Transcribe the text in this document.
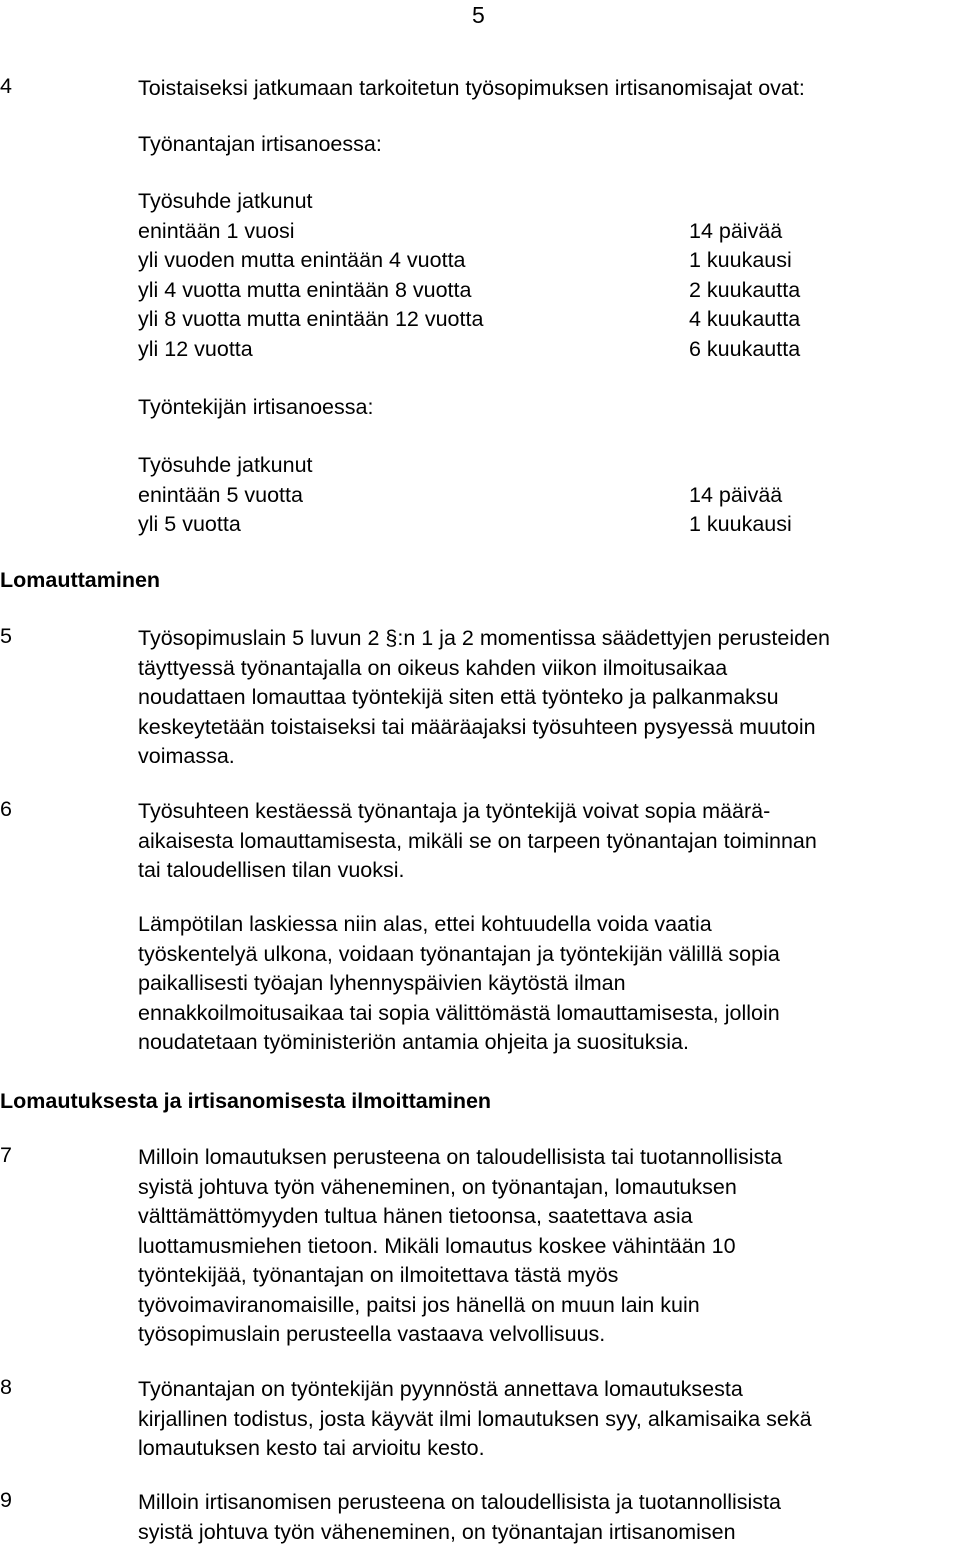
5
4	Toistaiseksi jatkumaan tarkoitetun työsopimuksen irtisanomisajat ovat:
Työnantajan irtisanoessa:
Työsuhde jatkunut
enintään 1 vuosi	14 päivää
yli vuoden mutta enintään 4 vuotta	1 kuukausi
yli 4 vuotta mutta enintään 8 vuotta	2 kuukautta
yli 8 vuotta mutta enintään 12 vuotta	4 kuukautta
yli 12 vuotta	6 kuukautta
Työntekijän irtisanoessa:
Työsuhde jatkunut
enintään 5 vuotta	14 päivää
yli 5 vuotta	1 kuukausi
Lomauttaminen
5	Työsopimuslain 5 luvun 2 §:n 1 ja 2 momentissa säädettyjen perusteiden
täyttyessä työnantajalla on oikeus kahden viikon ilmoitusaikaa
noudattaen lomauttaa työntekijä siten että työnteko ja palkanmaksu
keskeytetään toistaiseksi tai määräajaksi työsuhteen pysyessä muutoin
voimassa.
6	Työsuhteen kestäessä työnantaja ja työntekijä voivat sopia määrä-
aikaisesta lomauttamisesta, mikäli se on tarpeen työnantajan toiminnan
tai taloudellisen tilan vuoksi.
Lämpötilan laskiessa niin alas, ettei kohtuudella voida vaatia
työskentelyä ulkona, voidaan työnantajan ja työntekijän välillä sopia
paikallisesti työajan lyhennyspäivien käytöstä ilman
ennakkoilmoitusaikaa tai sopia välittömästä lomauttamisesta, jolloin
noudatetaan työministeriön antamia ohjeita ja suosituksia.
Lomautuksesta ja irtisanomisesta ilmoittaminen
7	Milloin lomautuksen perusteena on taloudellisista tai tuotannollisista
syistä johtuva työn väheneminen, on työnantajan, lomautuksen
välttämättömyyden tultua hänen tietoonsa, saatettava asia
luottamusmiehen tietoon. Mikäli lomautus koskee vähintään 10
työntekijää, työnantajan on ilmoitettava tästä myös
työvoimaviranomaisille, paitsi jos hänellä on muun lain kuin
työsopimuslain perusteella vastaava velvollisuus.
8	Työnantajan on työntekijän pyynnöstä annettava lomautuksesta
kirjallinen todistus, josta käyvät ilmi lomautuksen syy, alkamisaika sekä
lomautuksen kesto tai arvioitu kesto.
9	Milloin irtisanomisen perusteena on taloudellisista ja tuotannollisista
syistä johtuva työn väheneminen, on työnantajan irtisanomisen
